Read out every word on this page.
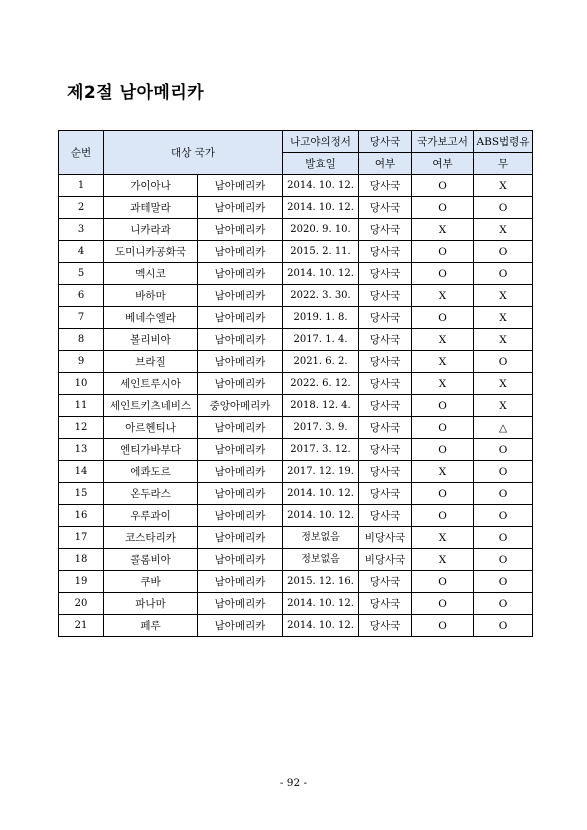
제2절 남아메리카
순번	대상 국가		나고야의정서	당사국	국가보고서	ABS법령유
			발효일	여부	여부	무
1	가이아나	남아메리카	2014. 10. 12.	당사국	O	X
2	과테말라	남아메리카	2014. 10. 12.	당사국	O	O
3	니카라과	남아메리카	2020. 9. 10.	당사국	X	X
4	도미니카공화국	남아메리카	2015. 2. 11.	당사국	O	O
5	멕시코	남아메리카	2014. 10. 12.	당사국	O	O
6	바하마	남아메리카	2022. 3. 30.	당사국	X	X
7	베네수엘라	남아메리카	2019. 1. 8.	당사국	O	X
8	볼리비아	남아메리카	2017. 1. 4.	당사국	X	X
9	브라질	남아메리카	2021. 6. 2.	당사국	X	O
10	세인트루시아	남아메리카	2022. 6. 12.	당사국	X	X
11	세인트키츠네비스	중앙아메리카	2018. 12. 4.	당사국	O	X
12	아르헨티나	남아메리카	2017. 3. 9.	당사국	O	△
13	엔티가바부다	남아메리카	2017. 3. 12.	당사국	O	O
14	에콰도르	남아메리카	2017. 12. 19.	당사국	X	O
15	온두라스	남아메리카	2014. 10. 12.	당사국	O	O
16	우루과이	남아메리카	2014. 10. 12.	당사국	O	O
17	코스타리카	남아메리카	정보없음	비당사국	X	O
18	콜롬비아	남아메리카	정보없음	비당사국	X	O
19	쿠바	남아메리카	2015. 12. 16.	당사국	O	O
20	파나마	남아메리카	2014. 10. 12.	당사국	O	O
21	페루	남아메리카	2014. 10. 12.	당사국	O	O
- 92 -
